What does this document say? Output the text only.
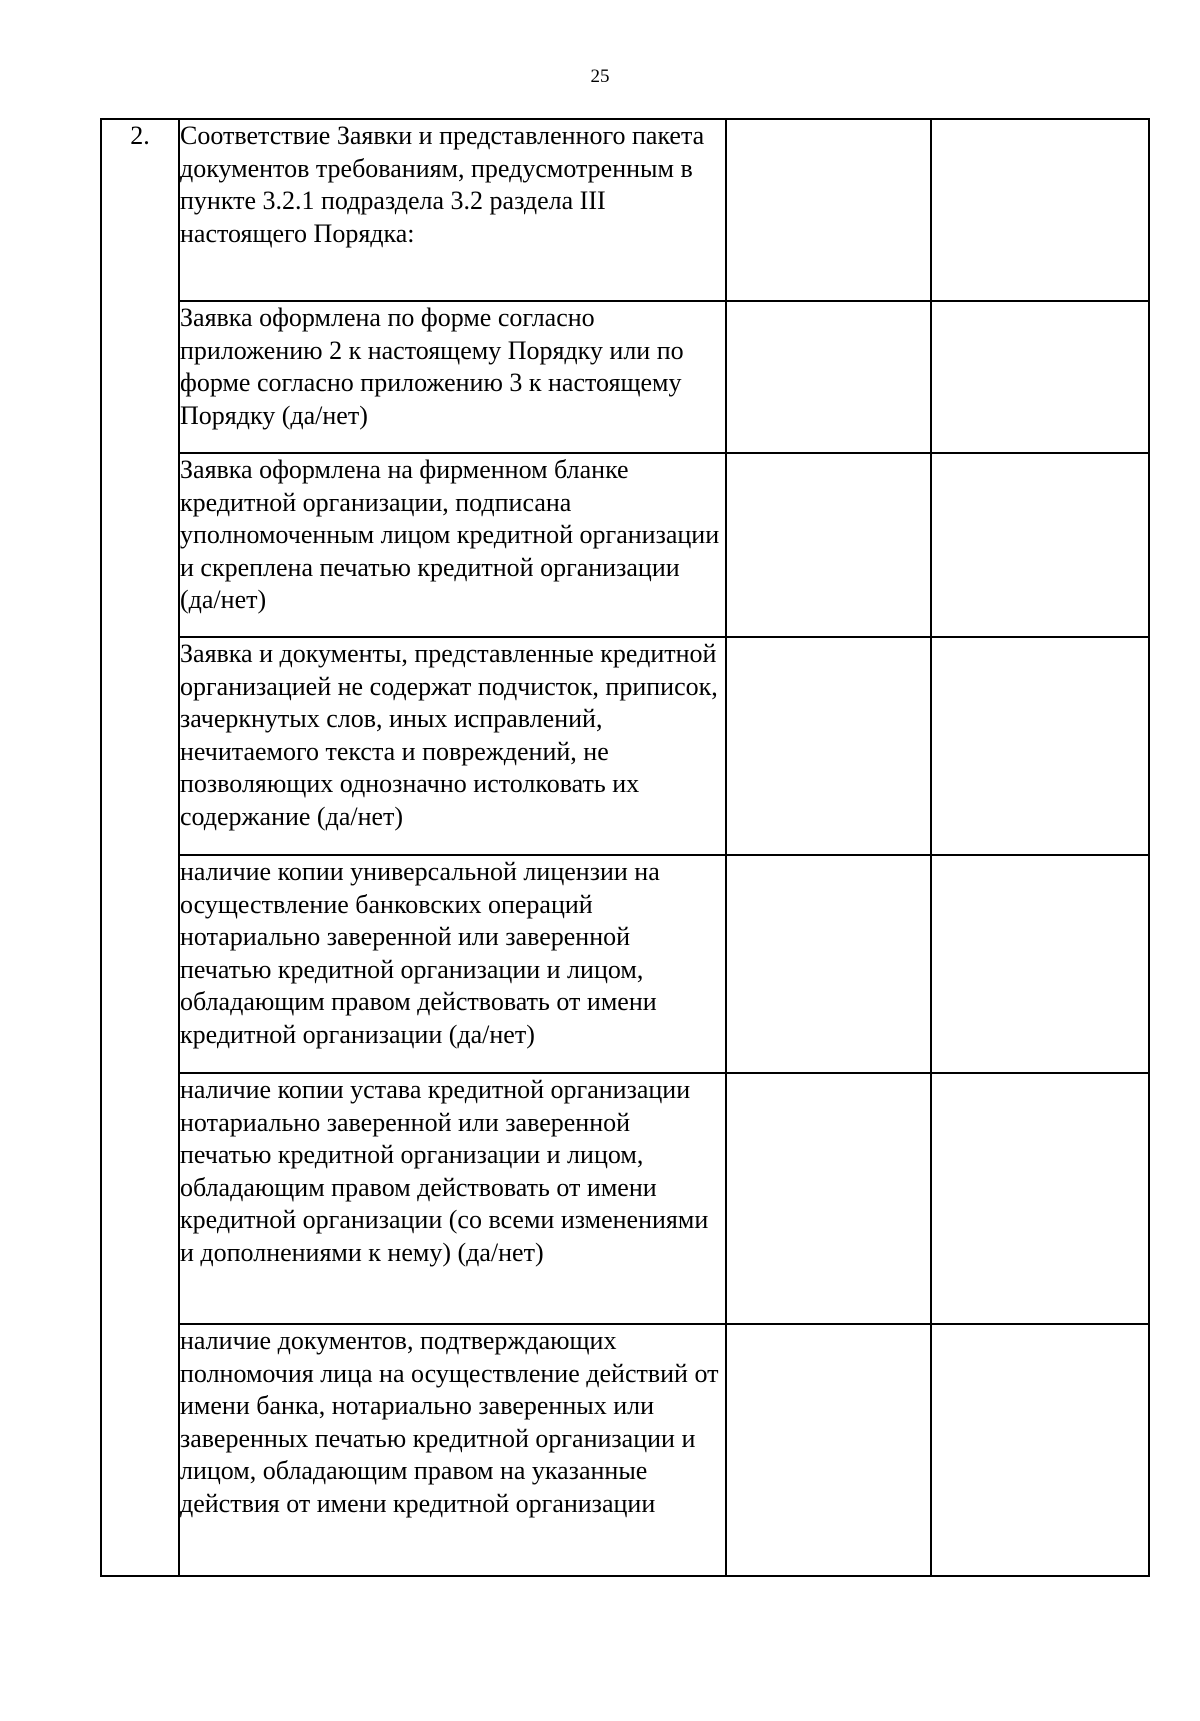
25
2.	Соответствие Заявки и представленного пакета документов требованиям, предусмотренным в пункте 3.2.1 подраздела 3.2 раздела III настоящего Порядка:		
	Заявка оформлена по форме согласно приложению 2 к настоящему Порядку или по форме согласно приложению 3 к настоящему Порядку (да/нет)		
	Заявка оформлена на фирменном бланке кредитной организации, подписана уполномоченным лицом кредитной организации и скреплена печатью кредитной организации (да/нет)		
	Заявка и документы, представленные кредитной организацией не содержат подчисток, приписок, зачеркнутых слов, иных исправлений, нечитаемого текста и повреждений, не позволяющих однозначно истолковать их содержание (да/нет)		
	наличие копии универсальной лицензии на осуществление банковских операций нотариально заверенной или заверенной печатью кредитной организации и лицом, обладающим правом действовать от имени кредитной организации (да/нет)		
	наличие копии устава кредитной организации нотариально заверенной или заверенной печатью кредитной организации и лицом, обладающим правом действовать от имени кредитной организации (со всеми изменениями и дополнениями к нему) (да/нет)		
	наличие документов, подтверждающих полномочия лица на осуществление действий от имени банка, нотариально заверенных или заверенных печатью кредитной организации и лицом, обладающим правом на указанные действия от имени кредитной организации		
